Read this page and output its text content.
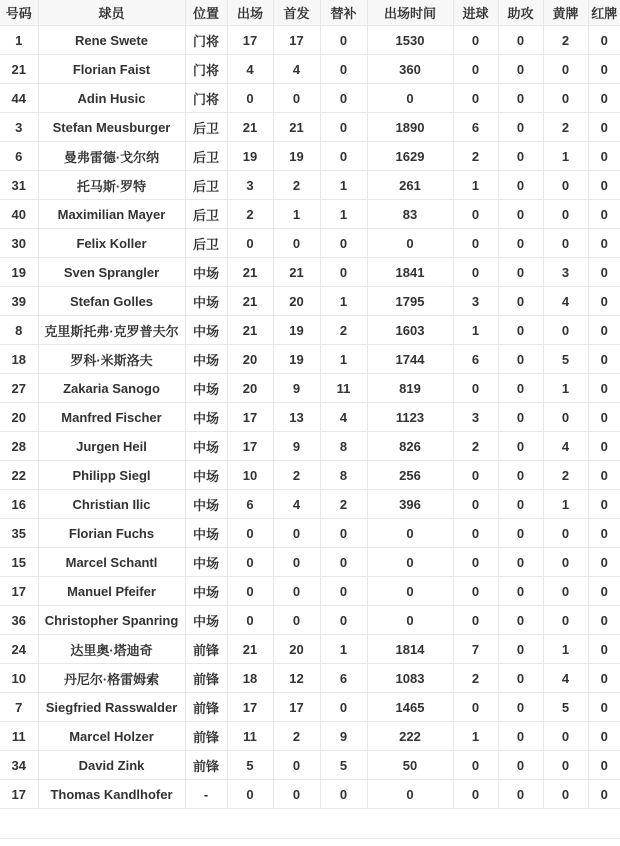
号码	球员	位置	出场	首发	替补	出场时间	进球	助攻	黄牌	红牌
1	Rene Swete	门将	17	17	0	1530	0	0	2	0
21	Florian Faist	门将	4	4	0	360	0	0	0	0
44	Adin Husic	门将	0	0	0	0	0	0	0	0
3	Stefan Meusburger	后卫	21	21	0	1890	6	0	2	0
6	曼弗雷德·戈尔纳	后卫	19	19	0	1629	2	0	1	0
31	托马斯·罗特	后卫	3	2	1	261	1	0	0	0
40	Maximilian Mayer	后卫	2	1	1	83	0	0	0	0
30	Felix Koller	后卫	0	0	0	0	0	0	0	0
19	Sven Sprangler	中场	21	21	0	1841	0	0	3	0
39	Stefan Golles	中场	21	20	1	1795	3	0	4	0
8	克里斯托弗·克罗普夫尔	中场	21	19	2	1603	1	0	0	0
18	罗科·米斯洛夫	中场	20	19	1	1744	6	0	5	0
27	Zakaria Sanogo	中场	20	9	11	819	0	0	1	0
20	Manfred Fischer	中场	17	13	4	1123	3	0	0	0
28	Jurgen Heil	中场	17	9	8	826	2	0	4	0
22	Philipp Siegl	中场	10	2	8	256	0	0	2	0
16	Christian Ilic	中场	6	4	2	396	0	0	1	0
35	Florian Fuchs	中场	0	0	0	0	0	0	0	0
15	Marcel Schantl	中场	0	0	0	0	0	0	0	0
17	Manuel Pfeifer	中场	0	0	0	0	0	0	0	0
36	Christopher Spanring	中场	0	0	0	0	0	0	0	0
24	达里奥·塔迪奇	前锋	21	20	1	1814	7	0	1	0
10	丹尼尔·格雷姆索	前锋	18	12	6	1083	2	0	4	0
7	Siegfried Rasswalder	前锋	17	17	0	1465	0	0	5	0
11	Marcel Holzer	前锋	11	2	9	222	1	0	0	0
34	David Zink	前锋	5	0	5	50	0	0	0	0
17	Thomas Kandlhofer	-	0	0	0	0	0	0	0	0
